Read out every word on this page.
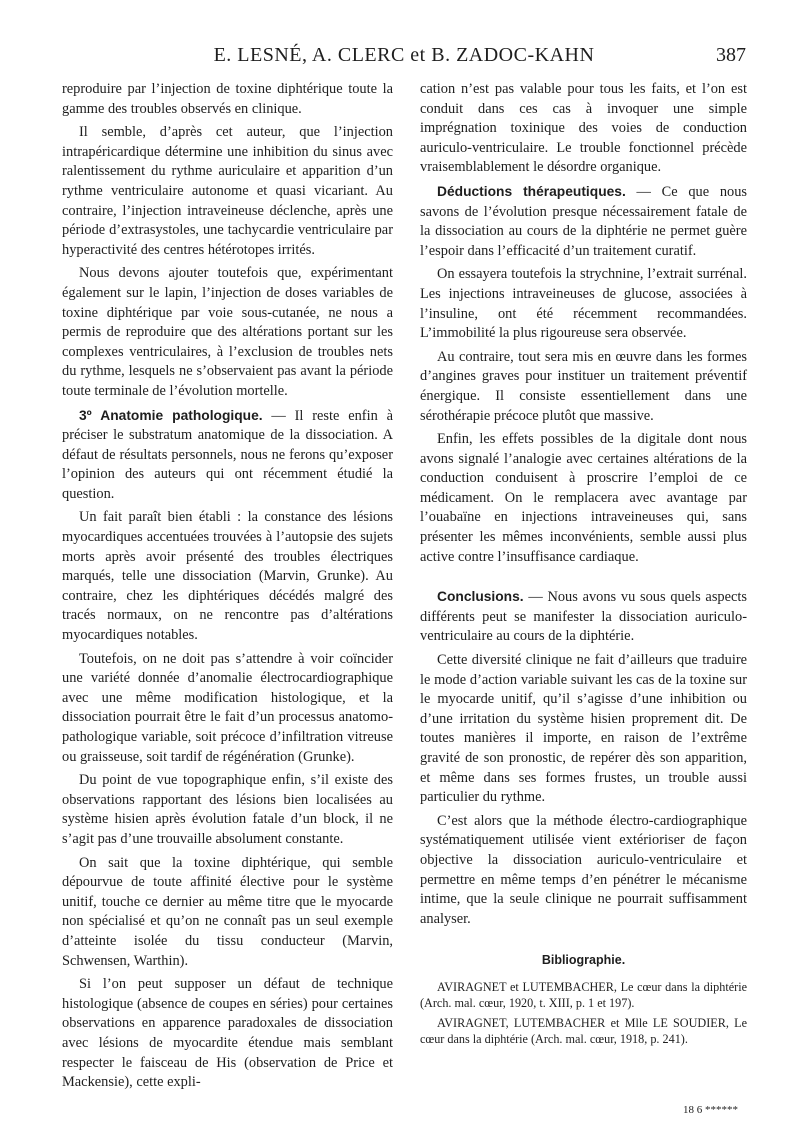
E. LESNÉ, A. CLERC et B. ZADOC-KAHN	387

reproduire par l’injection de toxine diphtérique toute la gamme des troubles observés en clinique.

Il semble, d’après cet auteur, que l’injection intrapéricardique détermine une inhibition du sinus avec ralentissement du rythme auriculaire et apparition d’un rythme ventriculaire autonome et quasi vicariant. Au contraire, l’injection intraveineuse déclenche, après une période d’extrasystoles, une tachycardie ventriculaire par hyperactivité des centres hétérotopes irrités.

Nous devons ajouter toutefois que, expérimentant également sur le lapin, l’injection de doses variables de toxine diphtérique par voie sous-cutanée, ne nous a permis de reproduire que des altérations portant sur les complexes ventriculaires, à l’exclusion de troubles nets du rythme, lesquels ne s’observaient pas avant la période toute terminale de l’évolution mortelle.

3º Anatomie pathologique. — Il reste enfin à préciser le substratum anatomique de la dissociation. A défaut de résultats personnels, nous ne ferons qu’exposer l’opinion des auteurs qui ont récemment étudié la question.

Un fait paraît bien établi : la constance des lésions myocardiques accentuées trouvées à l’autopsie des sujets morts après avoir présenté des troubles électriques marqués, telle une dissociation (Marvin, Grunke). Au contraire, chez les diphtériques décédés malgré des tracés normaux, on ne rencontre pas d’altérations myocardiques notables.

Toutefois, on ne doit pas s’attendre à voir coïncider une variété donnée d’anomalie électrocardiographique avec une même modification histologique, et la dissociation pourrait être le fait d’un processus anatomo-pathologique variable, soit précoce d’infiltration vitreuse ou graisseuse, soit tardif de régénération (Grunke).

Du point de vue topographique enfin, s’il existe des observations rapportant des lésions bien localisées au système hisien après évolution fatale d’un block, il ne s’agit pas d’une trouvaille absolument constante.

On sait que la toxine diphtérique, qui semble dépourvue de toute affinité élective pour le système unitif, touche ce dernier au même titre que le myocarde non spécialisé et qu’on ne connaît pas un seul exemple d’atteinte isolée du tissu conducteur (Marvin, Schwensen, Warthin).

Si l’on peut supposer un défaut de technique histologique (absence de coupes en séries) pour certaines observations en apparence paradoxales de dissociation avec lésions de myocardite étendue mais semblant respecter le faisceau de His (observation de Price et Mackensie), cette expli-

cation n’est pas valable pour tous les faits, et l’on est conduit dans ces cas à invoquer une simple imprégnation toxinique des voies de conduction auriculo-ventriculaire. Le trouble fonctionnel précède vraisemblablement le désordre organique.

Déductions thérapeutiques. — Ce que nous savons de l’évolution presque nécessairement fatale de la dissociation au cours de la diphtérie ne permet guère l’espoir dans l’efficacité d’un traitement curatif.

On essayera toutefois la strychnine, l’extrait surrénal. Les injections intraveineuses de glucose, associées à l’insuline, ont été récemment recommandées. L’immobilité la plus rigoureuse sera observée.

Au contraire, tout sera mis en œuvre dans les formes d’angines graves pour instituer un traitement préventif énergique. Il consiste essentiellement dans une sérothérapie précoce plutôt que massive.

Enfin, les effets possibles de la digitale dont nous avons signalé l’analogie avec certaines altérations de la conduction conduisent à proscrire l’emploi de ce médicament. On le remplacera avec avantage par l’ouabaïne en injections intraveineuses qui, sans présenter les mêmes inconvénients, semble aussi plus active contre l’insuffisance cardiaque.

Conclusions. — Nous avons vu sous quels aspects différents peut se manifester la dissociation auriculo-ventriculaire au cours de la diphtérie.

Cette diversité clinique ne fait d’ailleurs que traduire le mode d’action variable suivant les cas de la toxine sur le myocarde unitif, qu’il s’agisse d’une inhibition ou d’une irritation du système hisien proprement dit. De toutes manières il importe, en raison de l’extrême gravité de son pronostic, de repérer dès son apparition, et même dans ses formes frustes, un trouble aussi particulier du rythme.

C’est alors que la méthode électro-cardiographique systématiquement utilisée vient extérioriser de façon objective la dissociation auriculo-ventriculaire et permettre en même temps d’en pénétrer le mécanisme intime, que la seule clinique ne pourrait suffisamment analyser.

Bibliographie.

AVIRAGNET et LUTEMBACHER, Le cœur dans la diphtérie (Arch. mal. cœur, 1920, t. XIII, p. 1 et 197).

AVIRAGNET, LUTEMBACHER et Mlle LE SOUDIER, Le cœur dans la diphtérie (Arch. mal. cœur, 1918, p. 241).

18 6 ******
